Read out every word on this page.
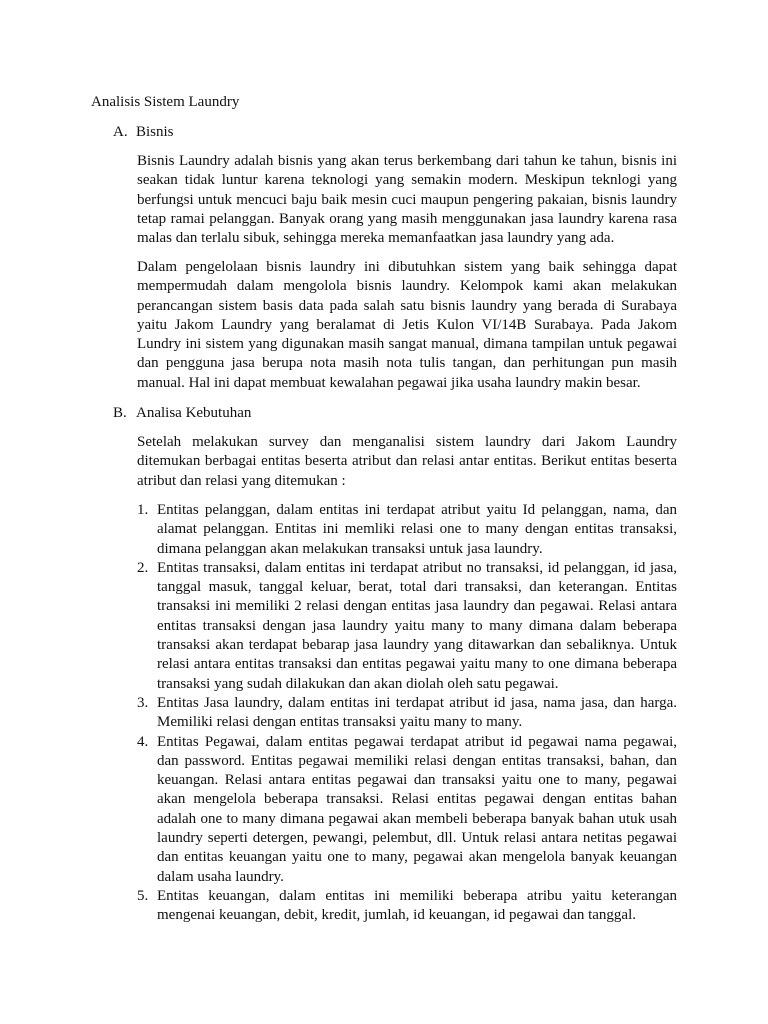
Analisis Sistem Laundry
A. Bisnis

Bisnis Laundry adalah bisnis yang akan terus berkembang dari tahun ke tahun, bisnis ini seakan tidak luntur karena teknologi yang semakin modern. Meskipun teknlogi yang berfungsi untuk mencuci baju baik mesin cuci maupun pengering pakaian, bisnis laundry tetap ramai pelanggan. Banyak orang yang masih menggunakan jasa laundry karena rasa malas dan terlalu sibuk, sehingga mereka memanfaatkan jasa laundry yang ada.

Dalam pengelolaan bisnis laundry ini dibutuhkan sistem yang baik sehingga dapat mempermudah dalam mengolola bisnis laundry. Kelompok kami akan melakukan perancangan sistem basis data pada salah satu bisnis laundry yang berada di Surabaya yaitu Jakom Laundry yang beralamat di Jetis Kulon VI/14B Surabaya. Pada Jakom Lundry ini sistem yang digunakan masih sangat manual, dimana tampilan untuk pegawai dan pengguna jasa berupa nota masih nota tulis tangan, dan perhitungan pun masih manual. Hal ini dapat membuat kewalahan pegawai jika usaha laundry makin besar.

B. Analisa Kebutuhan

Setelah melakukan survey dan menganalisi sistem laundry dari Jakom Laundry ditemukan berbagai entitas beserta atribut dan relasi antar entitas. Berikut entitas beserta atribut dan relasi yang ditemukan :

1. Entitas pelanggan, dalam entitas ini terdapat atribut yaitu Id pelanggan, nama, dan alamat pelanggan. Entitas ini memliki relasi one to many dengan entitas transaksi, dimana pelanggan akan melakukan transaksi untuk jasa laundry.
2. Entitas transaksi, dalam entitas ini terdapat atribut no transaksi, id pelanggan, id jasa, tanggal masuk, tanggal keluar, berat, total dari transaksi, dan keterangan. Entitas transaksi ini memiliki 2 relasi dengan entitas jasa laundry dan pegawai. Relasi antara entitas transaksi dengan jasa laundry yaitu many to many dimana dalam beberapa transaksi akan terdapat bebarap jasa laundry yang ditawarkan dan sebaliknya. Untuk relasi antara entitas transaksi dan entitas pegawai yaitu many to one dimana beberapa transaksi yang sudah dilakukan dan akan diolah oleh satu pegawai.
3. Entitas Jasa laundry, dalam entitas ini terdapat atribut id jasa, nama jasa, dan harga. Memiliki relasi dengan entitas transaksi yaitu many to many.
4. Entitas Pegawai, dalam entitas pegawai terdapat atribut id pegawai nama pegawai, dan password. Entitas pegawai memiliki relasi dengan entitas transaksi, bahan, dan keuangan. Relasi antara entitas pegawai dan transaksi yaitu one to many, pegawai akan mengelola beberapa transaksi. Relasi entitas pegawai dengan entitas bahan adalah one to many dimana pegawai akan membeli beberapa banyak bahan utuk usah laundry seperti detergen, pewangi, pelembut, dll. Untuk relasi antara netitas pegawai dan entitas keuangan yaitu one to many, pegawai akan mengelola banyak keuangan dalam usaha laundry.
5. Entitas keuangan, dalam entitas ini memiliki beberapa atribu yaitu keterangan mengenai keuangan, debit, kredit, jumlah, id keuangan, id pegawai dan tanggal.
